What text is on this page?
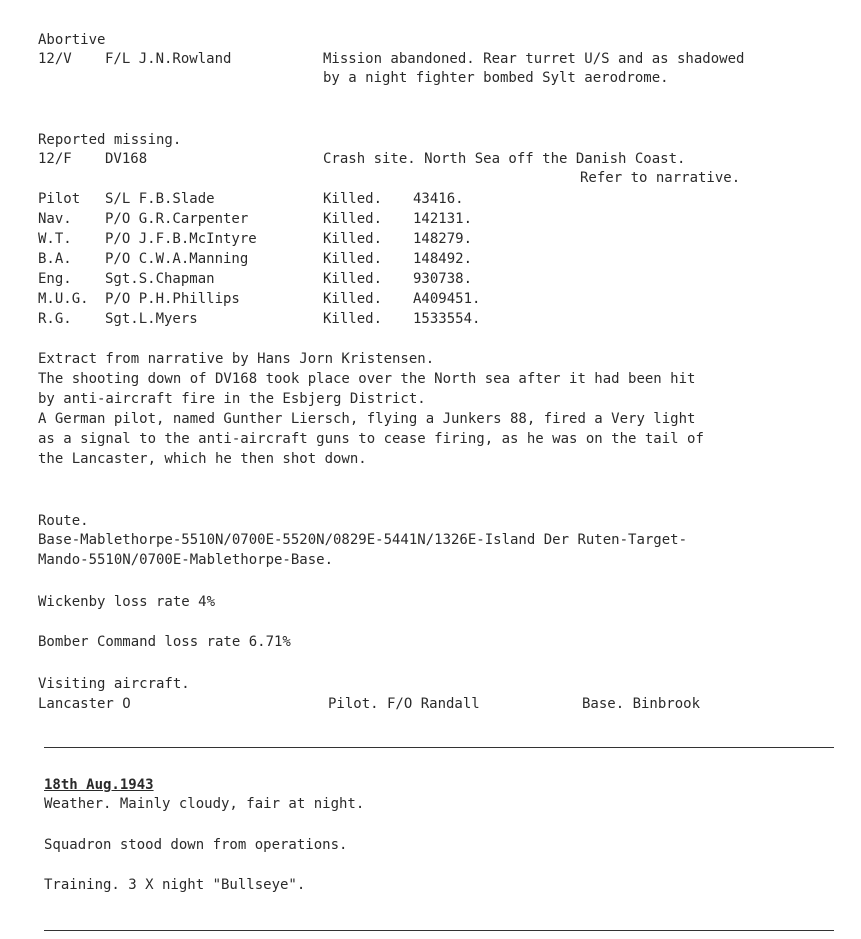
Abortive
12/V F/L J.N.Rowland	Mission abandoned. Rear turret U/S and as shadowed
by a night fighter bombed Sylt aerodrome.
Reported missing.
12/F DV168	Crash site. North Sea off the Danish Coast.
Refer to narrative.
Pilot S/L F.B.Slade	Killed. 43416.
Nav. P/O G.R.Carpenter	Killed. 142131.
W.T. P/O J.F.B.McIntyre	Killed. 148279.
B.A. P/O C.W.A.Manning	Killed. 148492.
Eng. Sgt.S.Chapman	Killed. 930738.
M.U.G. P/O P.H.Phillips	Killed. A409451.
R.G. Sgt.L.Myers	Killed. 1533554.
Extract from narrative by Hans Jorn Kristensen.
The shooting down of DV168 took place over the North sea after it had been hit
by anti-aircraft fire in the Esbjerg District.
A German pilot, named Gunther Liersch, flying a Junkers 88, fired a Very light
as a signal to the anti-aircraft guns to cease firing, as he was on the tail of
the Lancaster, which he then shot down.
Route.
Base-Mablethorpe-5510N/0700E-5520N/0829E-5441N/1326E-Island Der Ruten-Target-
Mando-5510N/0700E-Mablethorpe-Base.
Wickenby loss rate 4%
Bomber Command loss rate 6.71%
Visiting aircraft.
Lancaster O	Pilot. F/O Randall	Base. Binbrook
18th Aug.1943
Weather. Mainly cloudy, fair at night.
Squadron stood down from operations.
Training. 3 X night "Bullseye".
